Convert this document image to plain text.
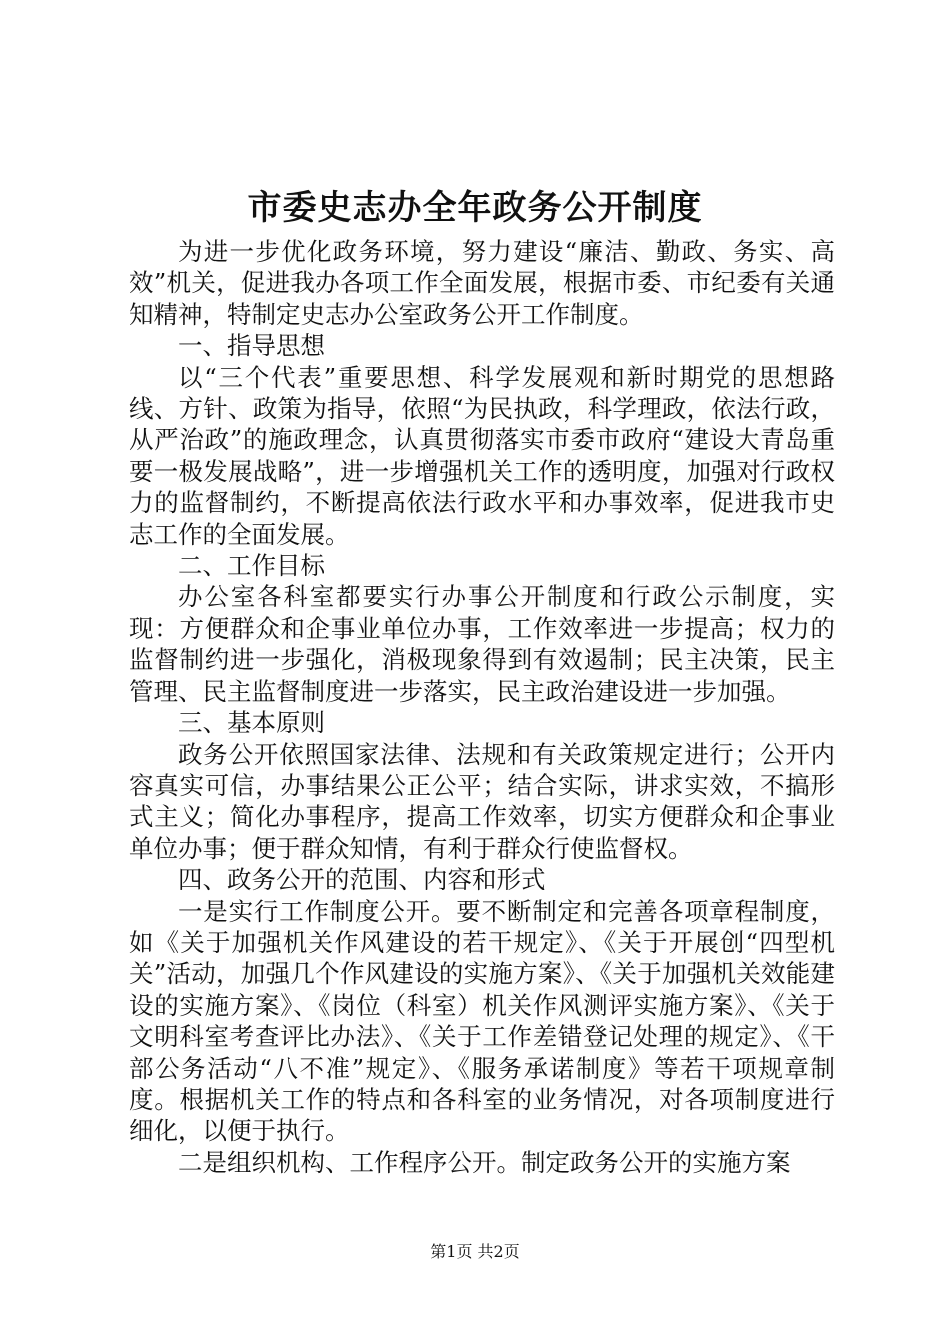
市委史志办全年政务公开制度

为进一步优化政务环境，努力建设“廉洁、勤政、务实、高效”机关，促进我办各项工作全面发展，根据市委、市纪委有关通知精神，特制定史志办公室政务公开工作制度。

一、指导思想

以“三个代表”重要思想、科学发展观和新时期党的思想路线、方针、政策为指导，依照“为民执政，科学理政，依法行政，从严治政”的施政理念，认真贯彻落实市委市政府“建设大青岛重要一极发展战略”，进一步增强机关工作的透明度，加强对行政权力的监督制约，不断提高依法行政水平和办事效率，促进我市史志工作的全面发展。

二、工作目标

办公室各科室都要实行办事公开制度和行政公示制度，实现：方便群众和企事业单位办事，工作效率进一步提高；权力的监督制约进一步强化，消极现象得到有效遏制；民主决策，民主管理、民主监督制度进一步落实，民主政治建设进一步加强。

三、基本原则

政务公开依照国家法律、法规和有关政策规定进行；公开内容真实可信，办事结果公正公平；结合实际，讲求实效，不搞形式主义；简化办事程序，提高工作效率，切实方便群众和企事业单位办事；便于群众知情，有利于群众行使监督权。

四、政务公开的范围、内容和形式

一是实行工作制度公开。要不断制定和完善各项章程制度，如《关于加强机关作风建设的若干规定》、《关于开展创“四型机关”活动，加强几个作风建设的实施方案》、《关于加强机关效能建设的实施方案》、《岗位（科室）机关作风测评实施方案》、《关于文明科室考查评比办法》、《关于工作差错登记处理的规定》、《干部公务活动“八不准”规定》、《服务承诺制度》等若干项规章制度。根据机关工作的特点和各科室的业务情况，对各项制度进行细化，以便于执行。

二是组织机构、工作程序公开。制定政务公开的实施方案

第1页 共2页
